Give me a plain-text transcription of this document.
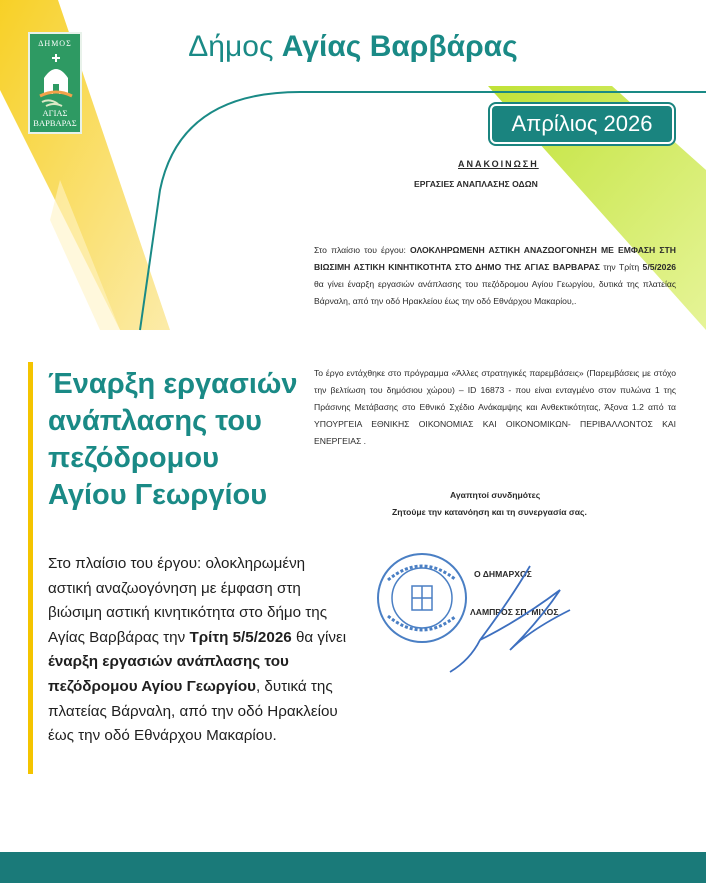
ΔΗΜΟΣ
ΑΓΙΑΣ
ΒΑΡΒΑΡΑΣ
Δήμος Αγίας Βαρβάρας
Απρίλιος 2026
ΑΝΑΚΟΙΝΩΣΗ
ΕΡΓΑΣΙΕΣ ΑΝΑΠΛΑΣΗΣ ΟΔΩΝ
Στο πλαίσιο του έργου: ΟΛΟΚΛΗΡΩΜΕΝΗ ΑΣΤΙΚΗ ΑΝΑΖΩΟΓΟΝΗΣΗ ΜΕ ΕΜΦΑΣΗ ΣΤΗ ΒΙΩΣΙΜΗ ΑΣΤΙΚΗ ΚΙΝΗΤΙΚΟΤΗΤΑ ΣΤΟ ΔΗΜΟ ΤΗΣ ΑΓΙΑΣ ΒΑΡΒΑΡΑΣ την Τρίτη 5/5/2026 θα γίνει έναρξη εργασιών ανάπλασης του πεζόδρομου Αγίου Γεωργίου, δυτικά της πλατείας Βάρναλη, από την οδό Ηρακλείου έως την οδό Εθνάρχου Μακαρίου,.
Το έργο εντάχθηκε στο πρόγραμμα «Άλλες στρατηγικές παρεμβάσεις» (Παρεμβάσεις με στόχο την βελτίωση του δημόσιου χώρου) – ID 16873 - που είναι ενταγμένο στον πυλώνα 1 της Πράσινης Μετάβασης στο Εθνικό Σχέδιο Ανάκαμψης και Ανθεκτικότητας, Άξονα 1.2 από τα ΥΠΟΥΡΓΕΙΑ ΕΘΝΙΚΗΣ ΟΙΚΟΝΟΜΙΑΣ ΚΑΙ ΟΙΚΟΝΟΜΙΚΩΝ- ΠΕΡΙΒΑΛΛΟΝΤΟΣ ΚΑΙ ΕΝΕΡΓΕΙΑΣ .
Αγαπητοί συνδημότες
Ζητούμε την κατανόηση και τη συνεργασία σας.
Ο ΔΗΜΑΡΧΟΣ
ΛΑΜΠΡΟΣ ΣΠ. ΜΙΧΟΣ
Έναρξη εργασιών
ανάπλασης του
πεζόδρομου
Αγίου Γεωργίου
Στο πλαίσιο του έργου: ολοκληρωμένη αστική αναζωογόνηση με έμφαση στη βιώσιμη αστική κινητικότητα στο δήμο της Αγίας Βαρβάρας την Τρίτη 5/5/2026 θα γίνει έναρξη εργασιών ανάπλασης του πεζόδρομου Αγίου Γεωργίου, δυτικά της πλατείας Βάρναλη, από την οδό Ηρακλείου έως την οδό Εθνάρχου Μακαρίου.
